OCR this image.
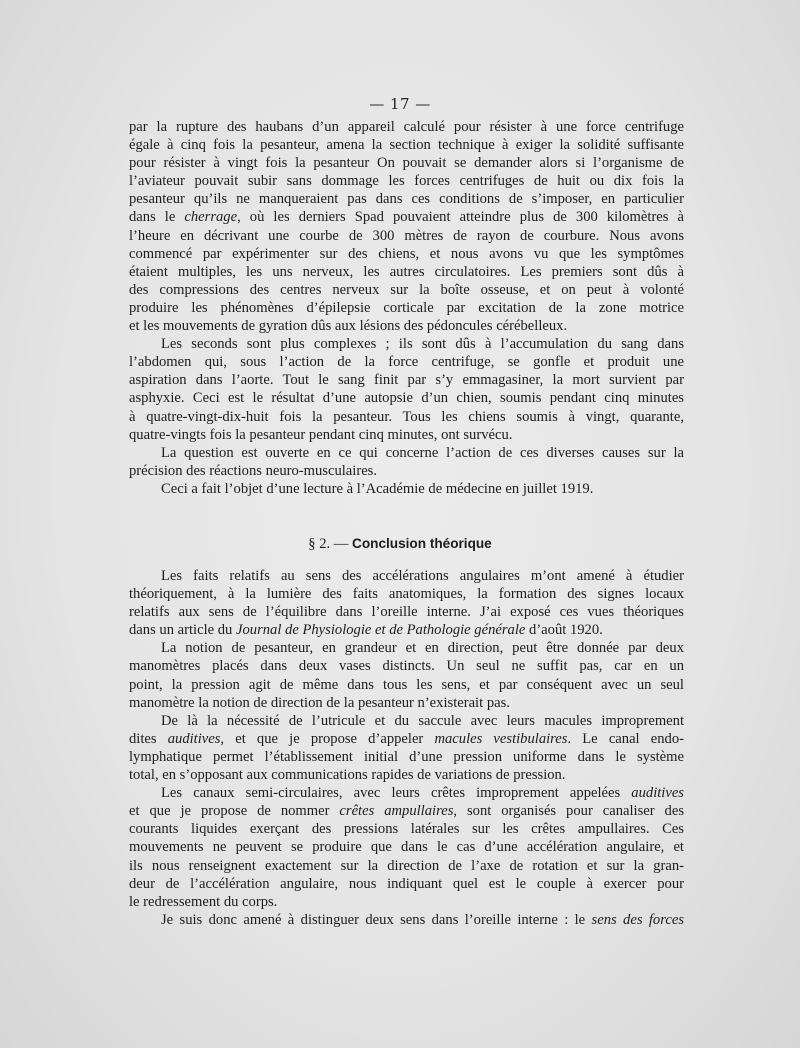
— 17 —
par la rupture des haubans d’un appareil calculé pour résister à une force centrifuge
égale à cinq fois la pesanteur, amena la section technique à exiger la solidité suffisante
pour résister à vingt fois la pesanteur On pouvait se demander alors si l’organisme de
l’aviateur pouvait subir sans dommage les forces centrifuges de huit ou dix fois la
pesanteur qu’ils ne manqueraient pas dans ces conditions de s’imposer, en particulier
dans le cherrage, où les derniers Spad pouvaient atteindre plus de 300 kilomètres à
l’heure en décrivant une courbe de 300 mètres de rayon de courbure. Nous avons
commencé par expérimenter sur des chiens, et nous avons vu que les symptômes
étaient multiples, les uns nerveux, les autres circulatoires. Les premiers sont dûs à
des compressions des centres nerveux sur la boîte osseuse, et on peut à volonté
produire les phénomènes d’épilepsie corticale par excitation de la zone motrice
et les mouvements de gyration dûs aux lésions des pédoncules cérébelleux.
Les seconds sont plus complexes ; ils sont dûs à l’accumulation du sang dans
l’abdomen qui, sous l’action de la force centrifuge, se gonfle et produit une
aspiration dans l’aorte. Tout le sang finit par s’y emmagasiner, la mort survient par
asphyxie. Ceci est le résultat d’une autopsie d’un chien, soumis pendant cinq minutes
à quatre-vingt-dix-huit fois la pesanteur. Tous les chiens soumis à vingt, quarante,
quatre-vingts fois la pesanteur pendant cinq minutes, ont survécu.
La question est ouverte en ce qui concerne l’action de ces diverses causes sur la
précision des réactions neuro-musculaires.
Ceci a fait l’objet d’une lecture à l’Académie de médecine en juillet 1919.
§ 2. — Conclusion théorique
Les faits relatifs au sens des accélérations angulaires m’ont amené à étudier
théoriquement, à la lumière des faits anatomiques, la formation des signes locaux
relatifs aux sens de l’équilibre dans l’oreille interne. J’ai exposé ces vues théoriques
dans un article du Journal de Physiologie et de Pathologie générale d’août 1920.
La notion de pesanteur, en grandeur et en direction, peut être donnée par deux
manomètres placés dans deux vases distincts. Un seul ne suffit pas, car en un
point, la pression agit de même dans tous les sens, et par conséquent avec un seul
manomètre la notion de direction de la pesanteur n’existerait pas.
De là la nécessité de l’utricule et du saccule avec leurs macules improprement
dites auditives, et que je propose d’appeler macules vestibulaires. Le canal endo-
lymphatique permet l’établissement initial d’une pression uniforme dans le système
total, en s’opposant aux communications rapides de variations de pression.
Les canaux semi-circulaires, avec leurs crêtes improprement appelées auditives
et que je propose de nommer crêtes ampullaires, sont organisés pour canaliser des
courants liquides exerçant des pressions latérales sur les crêtes ampullaires. Ces
mouvements ne peuvent se produire que dans le cas d’une accélération angulaire, et
ils nous renseignent exactement sur la direction de l’axe de rotation et sur la gran-
deur de l’accélération angulaire, nous indiquant quel est le couple à exercer pour
le redressement du corps.
Je suis donc amené à distinguer deux sens dans l’oreille interne : le sens des forces
